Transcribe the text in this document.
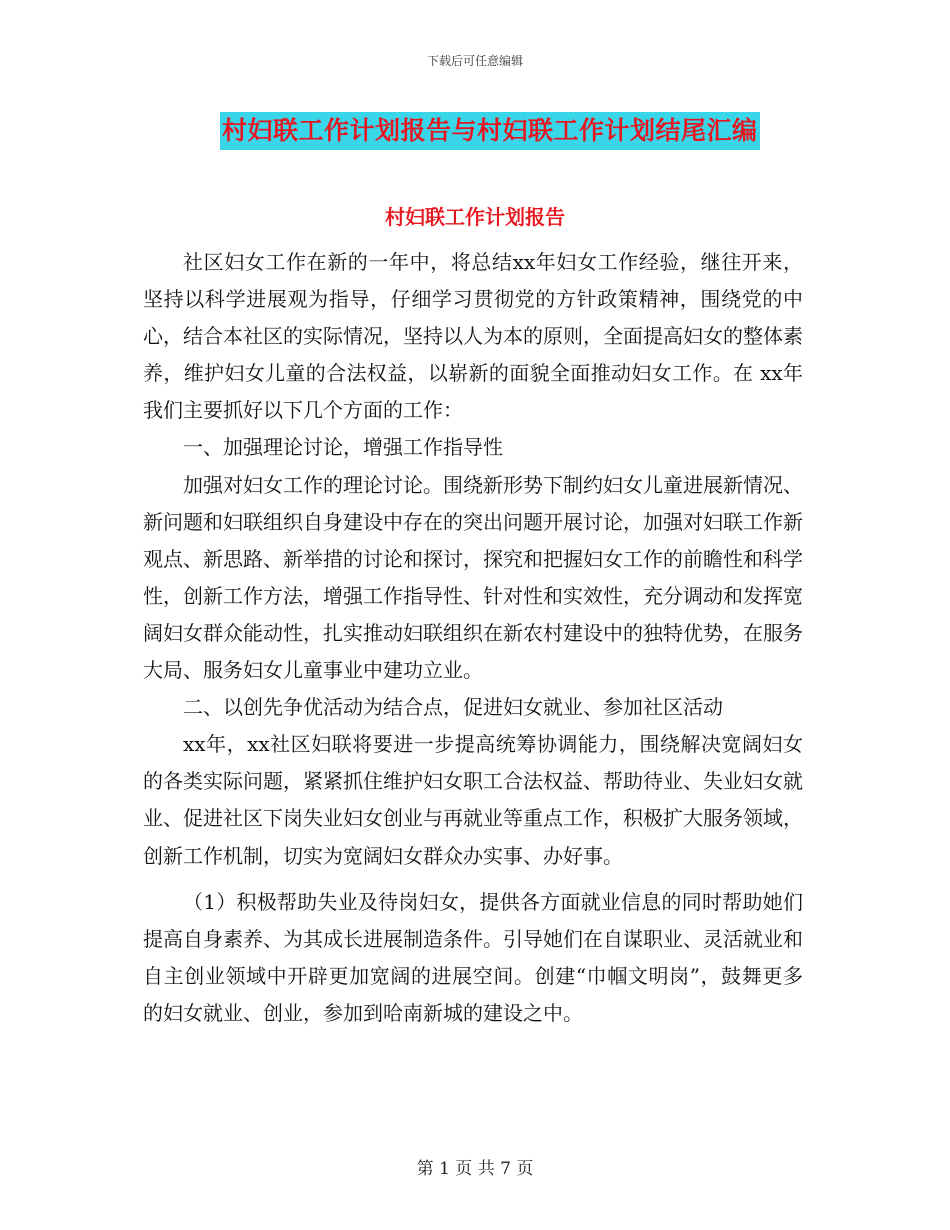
下载后可任意编辑
村妇联工作计划报告与村妇联工作计划结尾汇编
村妇联工作计划报告

社区妇女工作在新的一年中，将总结xx年妇女工作经验，继往开来，坚持以科学进展观为指导，仔细学习贯彻党的方针政策精神，围绕党的中心，结合本社区的实际情况，坚持以人为本的原则，全面提高妇女的整体素养，维护妇女儿童的合法权益，以崭新的面貌全面推动妇女工作。在 xx年我们主要抓好以下几个方面的工作：

一、加强理论讨论，增强工作指导性

加强对妇女工作的理论讨论。围绕新形势下制约妇女儿童进展新情况、新问题和妇联组织自身建设中存在的突出问题开展讨论，加强对妇联工作新观点、新思路、新举措的讨论和探讨，探究和把握妇女工作的前瞻性和科学性，创新工作方法，增强工作指导性、针对性和实效性，充分调动和发挥宽阔妇女群众能动性，扎实推动妇联组织在新农村建设中的独特优势，在服务大局、服务妇女儿童事业中建功立业。

二、以创先争优活动为结合点，促进妇女就业、参加社区活动

xx年，xx社区妇联将要进一步提高统筹协调能力，围绕解决宽阔妇女的各类实际问题，紧紧抓住维护妇女职工合法权益、帮助待业、失业妇女就业、促进社区下岗失业妇女创业与再就业等重点工作，积极扩大服务领域，创新工作机制，切实为宽阔妇女群众办实事、办好事。

（1）积极帮助失业及待岗妇女，提供各方面就业信息的同时帮助她们提高自身素养、为其成长进展制造条件。引导她们在自谋职业、灵活就业和自主创业领域中开辟更加宽阔的进展空间。创建“巾帼文明岗”，鼓舞更多的妇女就业、创业，参加到哈南新城的建设之中。

第 1 页 共 7 页
